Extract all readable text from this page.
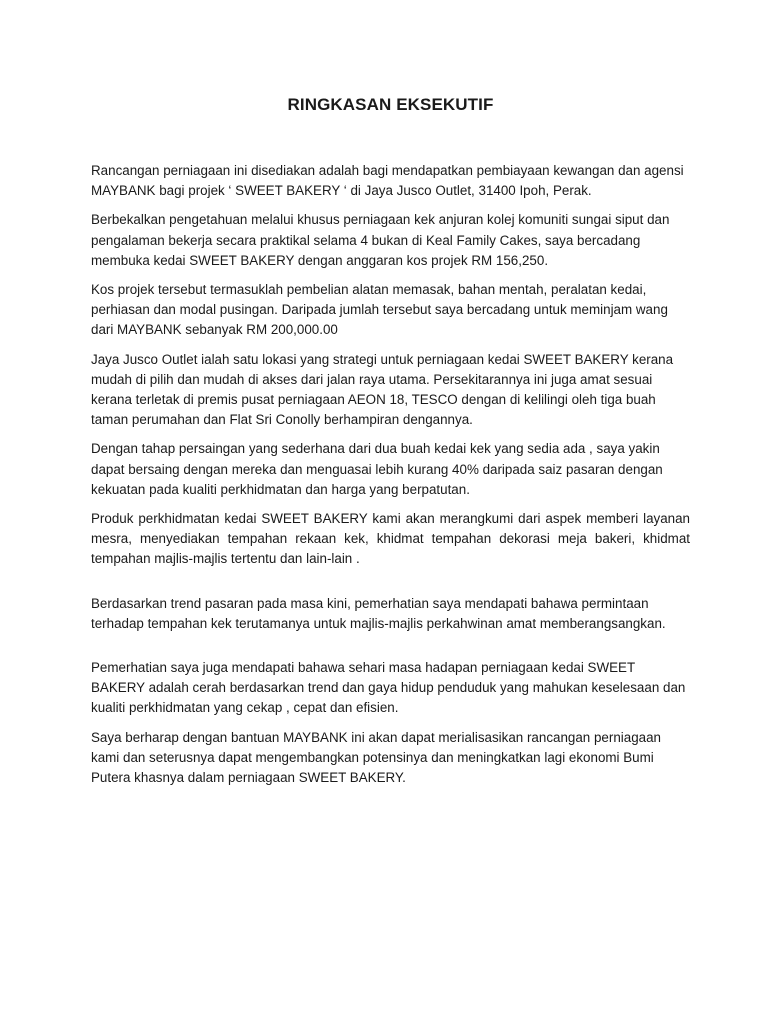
RINGKASAN EKSEKUTIF

Rancangan perniagaan ini disediakan adalah bagi mendapatkan pembiayaan kewangan dan agensi MAYBANK bagi projek ‘ SWEET BAKERY ‘ di Jaya Jusco Outlet, 31400 Ipoh, Perak.

Berbekalkan pengetahuan melalui khusus perniagaan kek anjuran kolej komuniti sungai siput dan pengalaman bekerja secara praktikal selama 4 bukan di Keal Family Cakes, saya bercadang membuka kedai SWEET BAKERY dengan anggaran kos projek RM 156,250.

Kos projek tersebut termasuklah pembelian alatan memasak, bahan mentah, peralatan kedai, perhiasan dan modal pusingan. Daripada jumlah tersebut saya bercadang untuk meminjam wang dari MAYBANK sebanyak RM 200,000.00

Jaya Jusco Outlet ialah satu lokasi yang strategi untuk perniagaan kedai SWEET BAKERY kerana mudah di pilih dan mudah di akses dari jalan raya utama. Persekitarannya ini juga amat sesuai kerana terletak di premis pusat perniagaan AEON 18, TESCO dengan di kelilingi oleh tiga buah taman perumahan dan Flat Sri Conolly berhampiran dengannya.

Dengan tahap persaingan yang sederhana dari dua buah kedai kek yang sedia ada , saya yakin dapat bersaing dengan mereka dan menguasai lebih kurang 40% daripada saiz pasaran dengan kekuatan pada kualiti perkhidmatan dan harga yang berpatutan.

Produk perkhidmatan kedai SWEET BAKERY kami akan merangkumi dari aspek memberi layanan mesra, menyediakan tempahan rekaan kek, khidmat tempahan dekorasi meja bakeri, khidmat tempahan majlis-majlis tertentu dan lain-lain .

Berdasarkan trend pasaran pada masa kini, pemerhatian saya mendapati bahawa permintaan terhadap tempahan kek terutamanya untuk majlis-majlis perkahwinan amat memberangsangkan.

Pemerhatian saya juga mendapati bahawa sehari masa hadapan perniagaan kedai SWEET BAKERY adalah cerah berdasarkan trend dan gaya hidup penduduk yang mahukan keselesaan dan kualiti perkhidmatan yang cekap , cepat dan efisien.

Saya berharap dengan bantuan MAYBANK ini akan dapat merialisasikan rancangan perniagaan kami dan seterusnya dapat mengembangkan potensinya dan meningkatkan lagi ekonomi Bumi Putera khasnya dalam perniagaan SWEET BAKERY.
